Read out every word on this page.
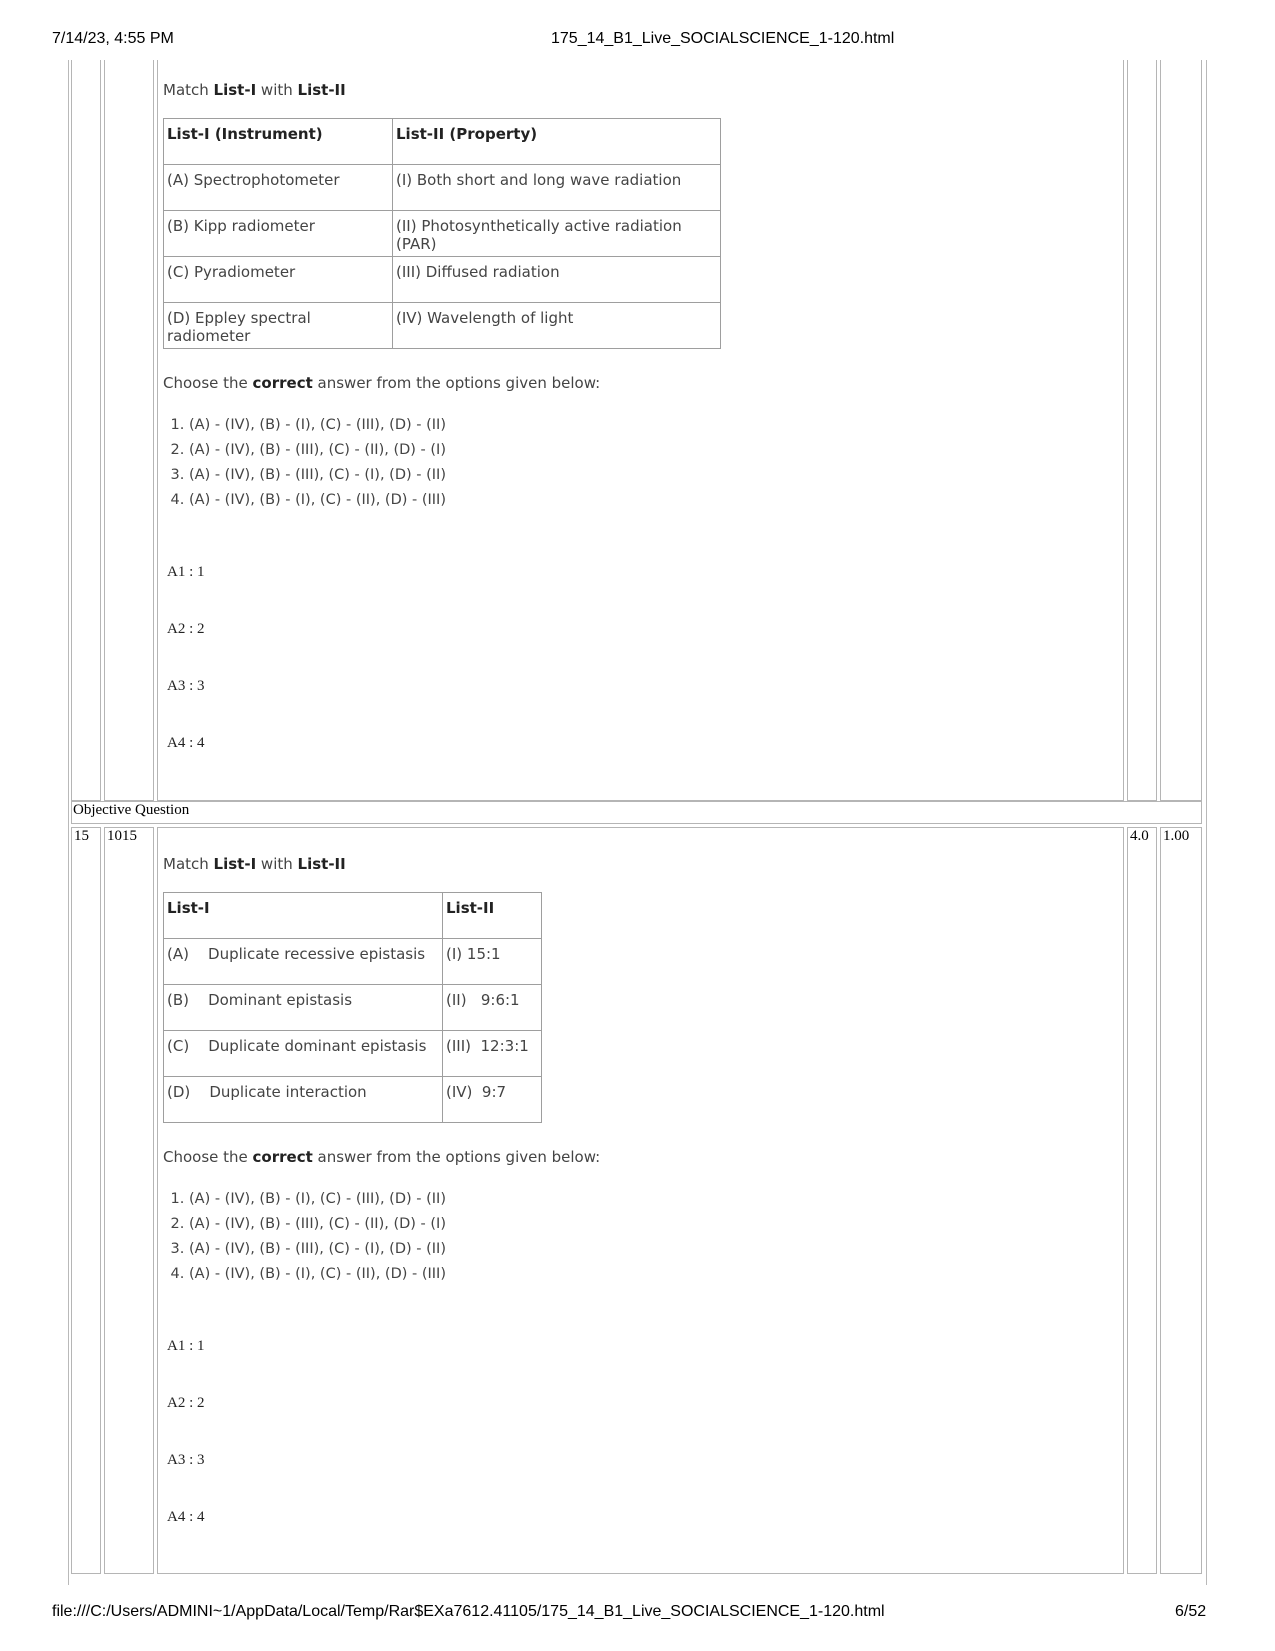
7/14/23, 4:55 PM	175_14_B1_Live_SOCIALSCIENCE_1-120.html

Match List-I with List-II

List-I (Instrument)	List-II (Property)
(A) Spectrophotometer	(I) Both short and long wave radiation
(B) Kipp radiometer	(II) Photosynthetically active radiation (PAR)
(C) Pyradiometer	(III) Diffused radiation
(D) Eppley spectral radiometer	(IV) Wavelength of light
Choose the correct answer from the options given below:
1. (A) - (IV), (B) - (I), (C) - (III), (D) - (II)
2. (A) - (IV), (B) - (III), (C) - (II), (D) - (I)
3. (A) - (IV), (B) - (III), (C) - (I), (D) - (II)
4. (A) - (IV), (B) - (I), (C) - (II), (D) - (III)
A1 : 1
A2 : 2
A3 : 3
A4 : 4
Objective Question
15 1015	4.0 1.00

Match List-I with List-II

List-I	List-II
(A)    Duplicate recessive epistasis	(I) 15:1
(B)    Dominant epistasis	(II)   9:6:1
(C)    Duplicate dominant epistasis	(III)  12:3:1
(D)    Duplicate interaction	(IV)  9:7
Choose the correct answer from the options given below:
1. (A) - (IV), (B) - (I), (C) - (III), (D) - (II)
2. (A) - (IV), (B) - (III), (C) - (II), (D) - (I)
3. (A) - (IV), (B) - (III), (C) - (I), (D) - (II)
4. (A) - (IV), (B) - (I), (C) - (II), (D) - (III)
A1 : 1
A2 : 2
A3 : 3
A4 : 4
file:///C:/Users/ADMINI~1/AppData/Local/Temp/Rar$EXa7612.41105/175_14_B1_Live_SOCIALSCIENCE_1-120.html	6/52
